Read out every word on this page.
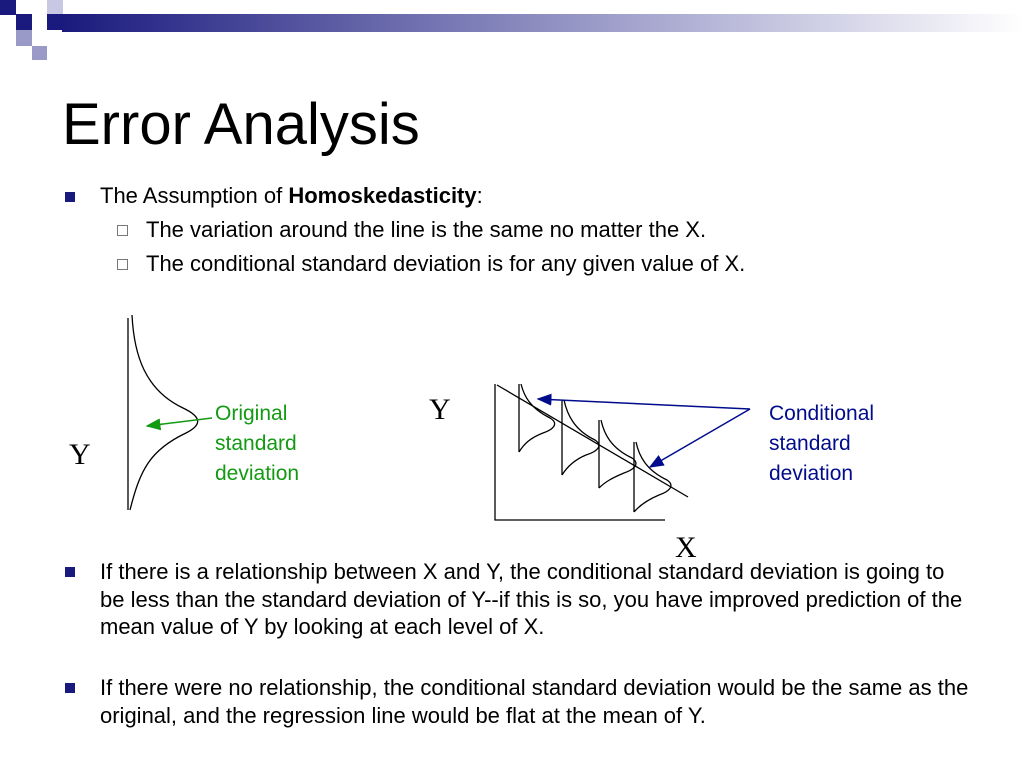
Error Analysis
The Assumption of Homoskedasticity:
The variation around the line is the same no matter the X.
The conditional standard deviation is for any given value of X.
Y
Original
standard
deviation
Y
X
Conditional
standard
deviation
If there is a relationship between X and Y, the conditional standard deviation is going to be less than the standard deviation of Y--if this is so, you have improved prediction of the mean value of Y by looking at each level of X.
If there were no relationship, the conditional standard deviation would be the same as the original, and the regression line would be flat at the mean of Y.
